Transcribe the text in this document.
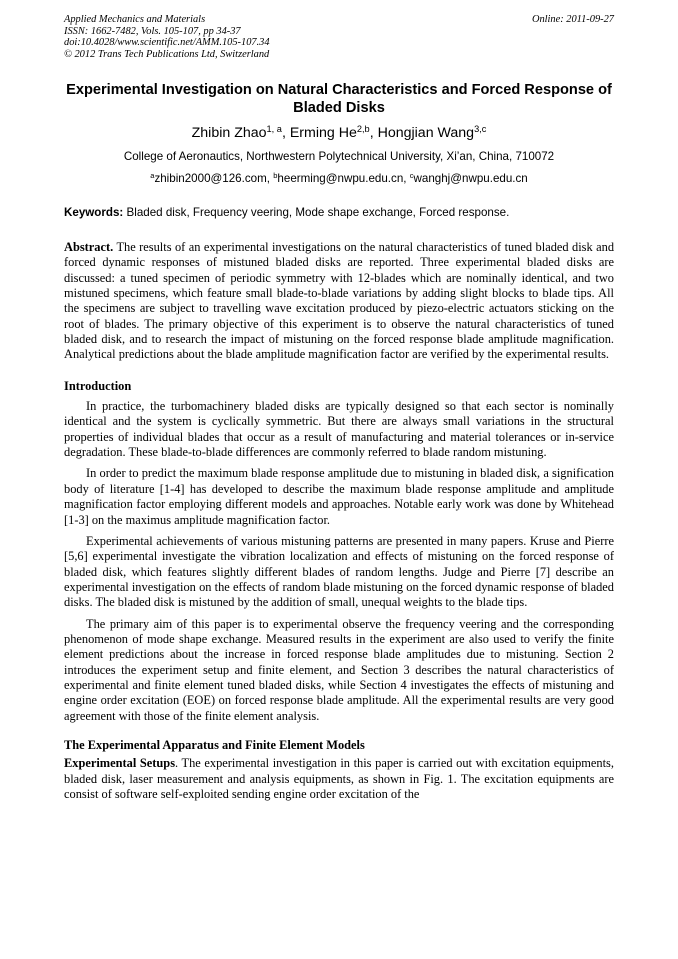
Applied Mechanics and Materials
ISSN: 1662-7482, Vols. 105-107, pp 34-37
doi:10.4028/www.scientific.net/AMM.105-107.34
© 2012 Trans Tech Publications Ltd, Switzerland
Online: 2011-09-27
Experimental Investigation on Natural Characteristics and Forced Response of Bladed Disks
Zhibin Zhao$^{1, a}$, Erming He$^{2,b}$, Hongjian Wang$^{3,c}$
College of Aeronautics, Northwestern Polytechnical University, Xi’an, China, 710072
$^a$zhibin2000@126.com, $^b$heerming@nwpu.edu.cn, $^c$wanghj@nwpu.edu.cn
Keywords: Bladed disk, Frequency veering, Mode shape exchange, Forced response.

Abstract. The results of an experimental investigations on the natural characteristics of tuned bladed disk and forced dynamic responses of mistuned bladed disks are reported. Three experimental bladed disks are discussed: a tuned specimen of periodic symmetry with 12-blades which are nominally identical, and two mistuned specimens, which feature small blade-to-blade variations by adding slight blocks to blade tips. All the specimens are subject to travelling wave excitation produced by piezo-electric actuators sticking on the root of blades. The primary objective of this experiment is to observe the natural characteristics of tuned bladed disk, and to research the impact of mistuning on the forced response blade amplitude magnification. Analytical predictions about the blade amplitude magnification factor are verified by the experimental results.

Introduction

In practice, the turbomachinery bladed disks are typically designed so that each sector is nominally identical and the system is cyclically symmetric. But there are always small variations in the structural properties of individual blades that occur as a result of manufacturing and material tolerances or in-service degradation. These blade-to-blade differences are commonly referred to blade random mistuning.

In order to predict the maximum blade response amplitude due to mistuning in bladed disk, a signification body of literature [1-4] has developed to describe the maximum blade response amplitude and amplitude magnification factor employing different models and approaches. Notable early work was done by Whitehead [1-3] on the maximus amplitude magnification factor.

Experimental achievements of various mistuning patterns are presented in many papers. Kruse and Pierre [5,6] experimental investigate the vibration localization and effects of mistuning on the forced response of bladed disk, which features slightly different blades of random lengths. Judge and Pierre [7] describe an experimental investigation on the effects of random blade mistuning on the forced dynamic response of bladed disks. The bladed disk is mistuned by the addition of small, unequal weights to the blade tips.

The primary aim of this paper is to experimental observe the frequency veering and the corresponding phenomenon of mode shape exchange. Measured results in the experiment are also used to verify the finite element predictions about the increase in forced response blade amplitudes due to mistuning. Section 2 introduces the experiment setup and finite element, and Section 3 describes the natural characteristics of experimental and finite element tuned bladed disks, while Section 4 investigates the effects of mistuning and engine order excitation (EOE) on forced response blade amplitude. All the experimental results are very good agreement with those of the finite element analysis.

The Experimental Apparatus and Finite Element Models

Experimental Setups. The experimental investigation in this paper is carried out with excitation equipments, bladed disk, laser measurement and analysis equipments, as shown in Fig. 1. The excitation equipments are consist of software self-exploited sending engine order excitation of the
